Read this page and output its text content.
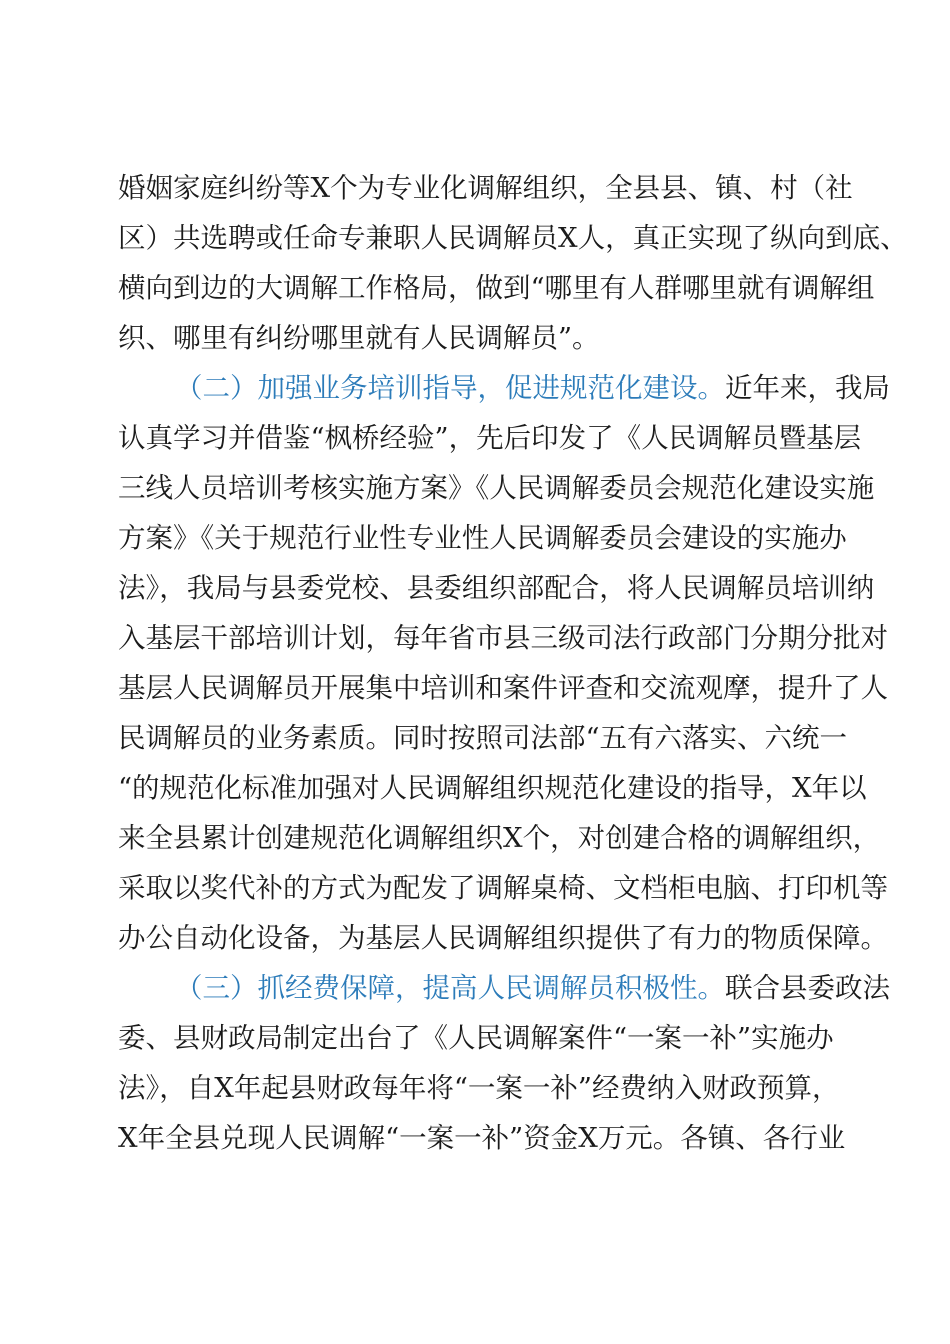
婚姻家庭纠纷等X个为专业化调解组织，全县县、镇、村（社
区）共选聘或任命专兼职人民调解员X人，真正实现了纵向到底、
横向到边的大调解工作格局，做到“哪里有人群哪里就有调解组
织、哪里有纠纷哪里就有人民调解员”。
（二）加强业务培训指导，促进规范化建设。近年来，我局
认真学习并借鉴“枫桥经验”，先后印发了《人民调解员暨基层
三线人员培训考核实施方案》《人民调解委员会规范化建设实施
方案》《关于规范行业性专业性人民调解委员会建设的实施办
法》，我局与县委党校、县委组织部配合，将人民调解员培训纳
入基层干部培训计划，每年省市县三级司法行政部门分期分批对
基层人民调解员开展集中培训和案件评查和交流观摩，提升了人
民调解员的业务素质。同时按照司法部“五有六落实、六统一
“的规范化标准加强对人民调解组织规范化建设的指导，X年以
来全县累计创建规范化调解组织X个，对创建合格的调解组织，
采取以奖代补的方式为配发了调解桌椅、文档柜电脑、打印机等
办公自动化设备，为基层人民调解组织提供了有力的物质保障。
（三）抓经费保障，提高人民调解员积极性。联合县委政法
委、县财政局制定出台了《人民调解案件“一案一补”实施办
法》，自X年起县财政每年将“一案一补”经费纳入财政预算，
X年全县兑现人民调解“一案一补”资金X万元。各镇、各行业
